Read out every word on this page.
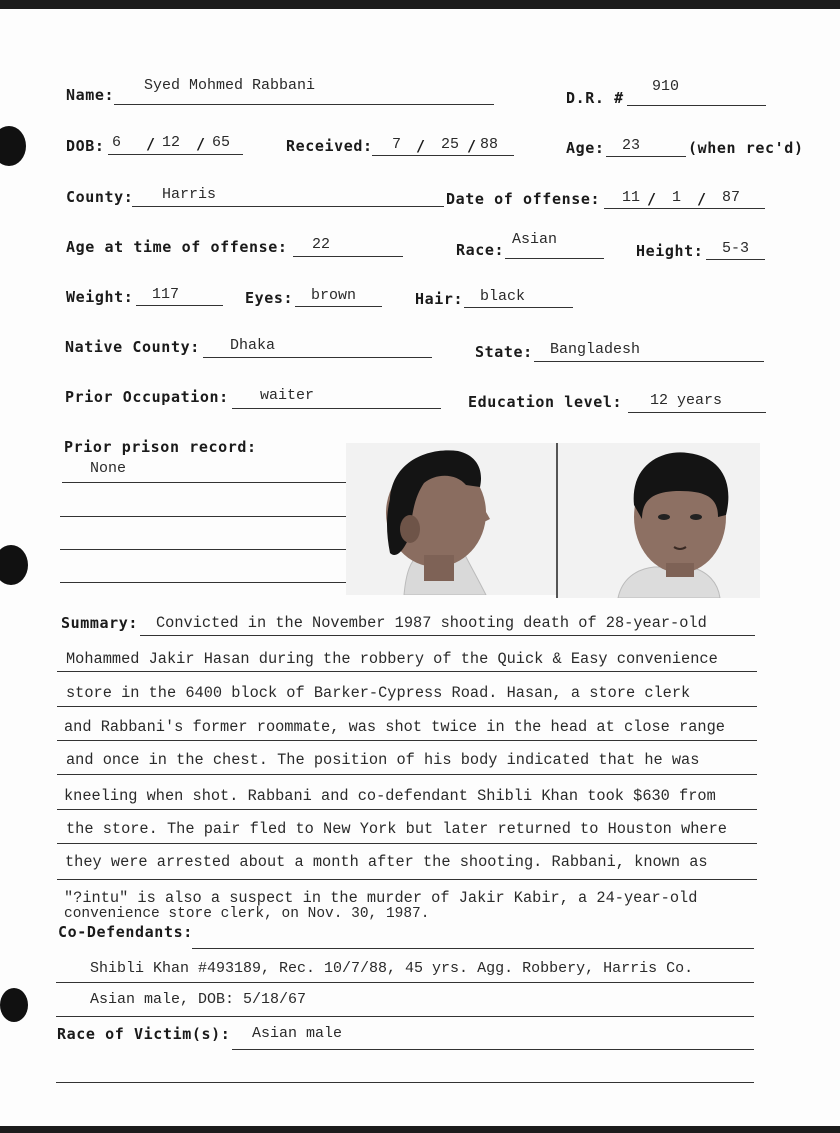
Name:
Syed Mohmed Rabbani
D.R. #
910
DOB: 6 / 12 / 65	Received: 7 / 25 / 88	Age: 23	(when rec'd)
County: Harris	Date of offense: 11 / 1 / 87
Age at time of offense: 22	Race:
Asian
Height: 5-3
Weight: 117	Eyes: brown	Hair: black
Native County: Dhaka	State: Bangladesh
Prior Occupation: waiter	Education level: 12 years
Prior prison record:
None
Summary: Convicted in the November 1987 shooting death of 28-year-old
Mohammed Jakir Hasan during the robbery of the Quick & Easy convenience
store in the 6400 block of Barker-Cypress Road. Hasan, a store clerk
and Rabbani's former roommate, was shot twice in the head at close range
and once in the chest. The position of his body indicated that he was
kneeling when shot. Rabbani and co-defendant Shibli Khan took $630 from
the store. The pair fled to New York but later returned to Houston where
they were arrested about a month after the shooting. Rabbani, known as
"?intu" is also a suspect in the murder of Jakir Kabir, a 24-year-old
convenience store clerk, on Nov. 30, 1987.
Co-Defendants:
Shibli Khan #493189, Rec. 10/7/88, 45 yrs. Agg. Robbery, Harris Co.
Asian male, DOB: 5/18/67
Race of Victim(s): Asian male
